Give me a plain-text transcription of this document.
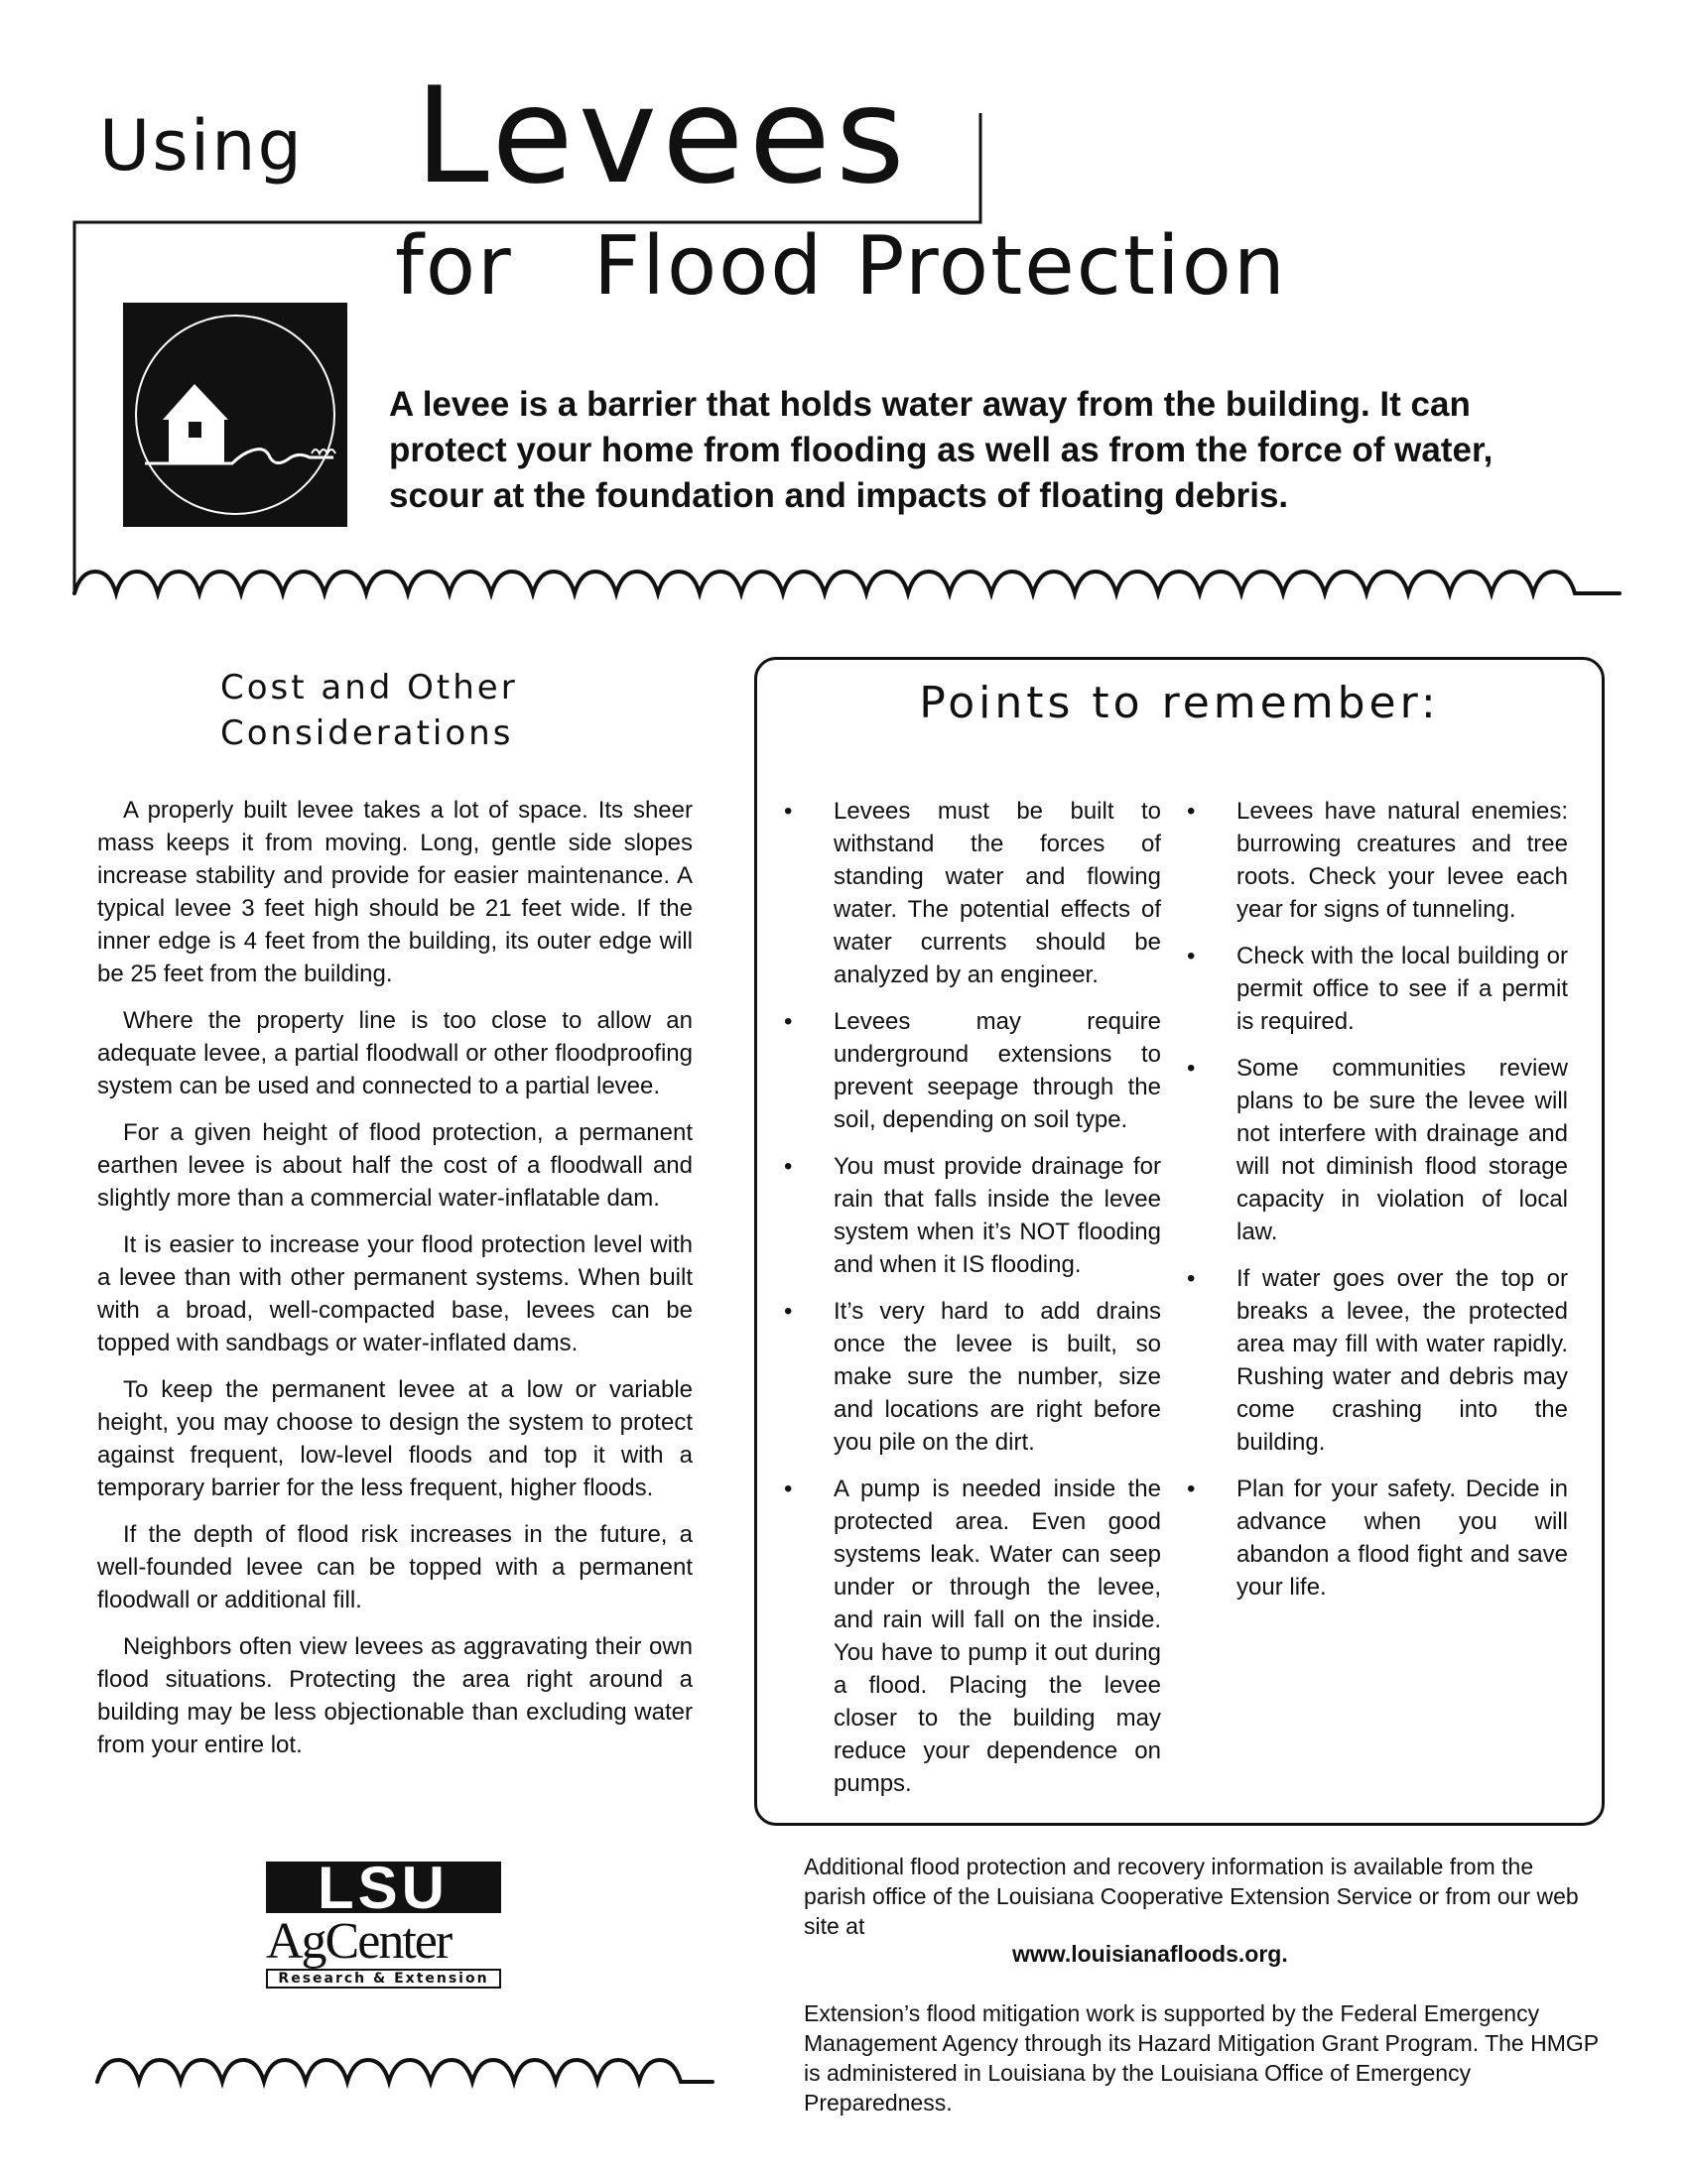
Using Levees
for Flood Protection

A levee is a barrier that holds water away from the building. It can protect your home from flooding as well as from the force of water, scour at the foundation and impacts of floating debris.

Cost and Other
Considerations

A properly built levee takes a lot of space. Its sheer mass keeps it from moving. Long, gentle side slopes increase stability and provide for easier maintenance. A typical levee 3 feet high should be 21 feet wide. If the inner edge is 4 feet from the building, its outer edge will be 25 feet from the building.

Where the property line is too close to allow an adequate levee, a partial floodwall or other floodproofing system can be used and connected to a partial levee.

For a given height of flood protection, a permanent earthen levee is about half the cost of a floodwall and slightly more than a commercial water-inflatable dam.

It is easier to increase your flood protection level with a levee than with other permanent systems. When built with a broad, well-compacted base, levees can be topped with sandbags or water-inflated dams.

To keep the permanent levee at a low or variable height, you may choose to design the system to protect against frequent, low-level floods and top it with a temporary barrier for the less frequent, higher floods.

If the depth of flood risk increases in the future, a well-founded levee can be topped with a permanent floodwall or additional fill.

Neighbors often view levees as aggravating their own flood situations. Protecting the area right around a building may be less objectionable than excluding water from your entire lot.

Points to remember:
• Levees must be built to withstand the forces of standing water and flowing water. The potential effects of water currents should be analyzed by an engineer.
• Levees may require underground extensions to prevent seepage through the soil, depending on soil type.
• You must provide drainage for rain that falls inside the levee system when it’s NOT flooding and when it IS flooding.
• It’s very hard to add drains once the levee is built, so make sure the number, size and locations are right before you pile on the dirt.
• A pump is needed inside the protected area. Even good systems leak. Water can seep under or through the levee, and rain will fall on the inside. You have to pump it out during a flood. Placing the levee closer to the building may reduce your dependence on pumps.
• Levees have natural enemies: burrowing creatures and tree roots. Check your levee each year for signs of tunneling.
• Check with the local building or permit office to see if a permit is required.
• Some communities review plans to be sure the levee will not interfere with drainage and will not diminish flood storage capacity in violation of local law.
• If water goes over the top or breaks a levee, the protected area may fill with water rapidly. Rushing water and debris may come crashing into the building.
• Plan for your safety. Decide in advance when you will abandon a flood fight and save your life.
LSU
AgCenter
Research & Extension

Additional flood protection and recovery information is available from the parish office of the Louisiana Cooperative Extension Service or from our web site at

www.louisianafloods.org.

Extension’s flood mitigation work is supported by the Federal Emergency Management Agency through its Hazard Mitigation Grant Program. The HMGP is administered in Louisiana by the Louisiana Office of Emergency Preparedness.
